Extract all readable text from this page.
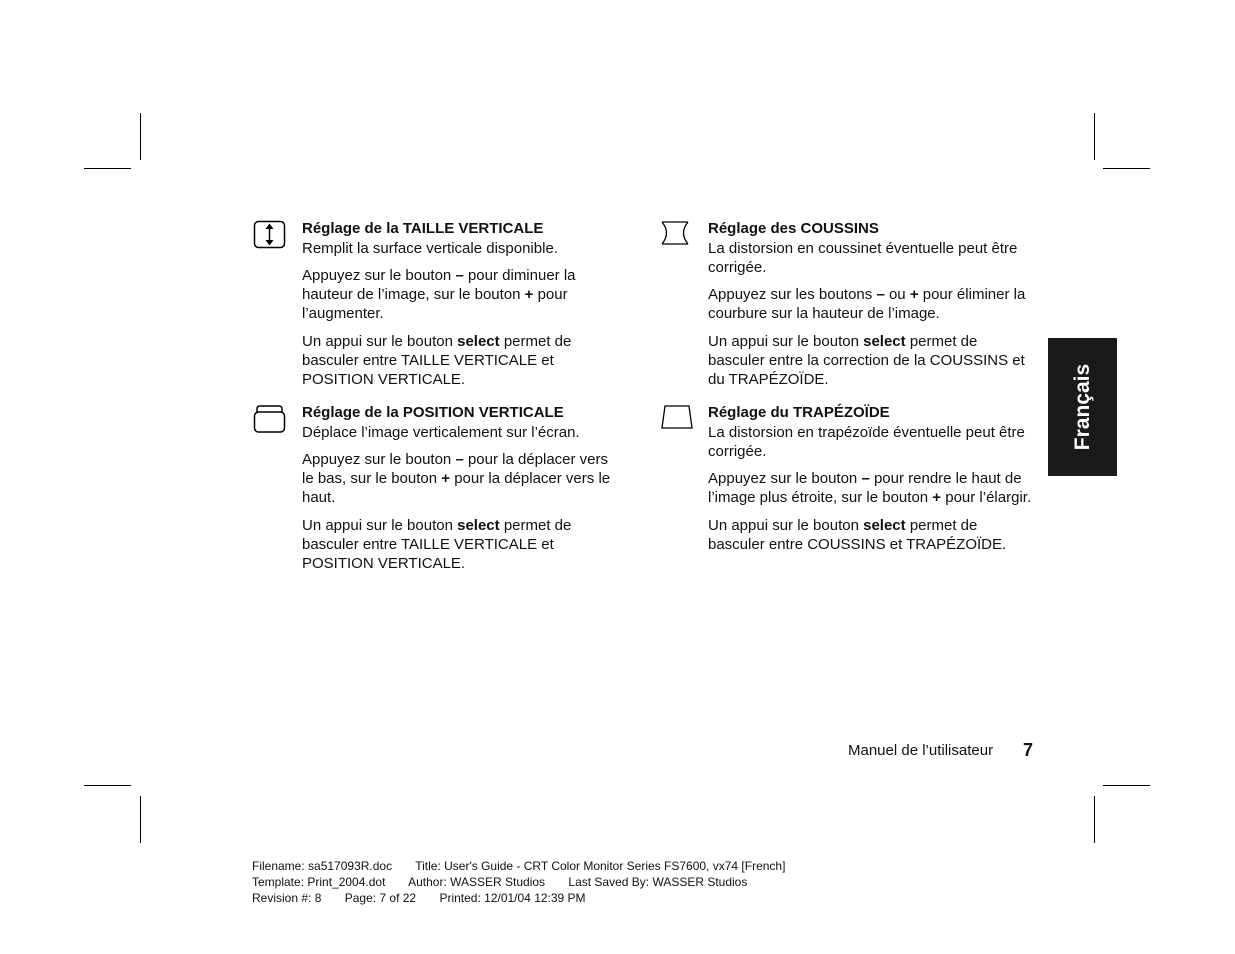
Réglage de la TAILLE VERTICALE

Remplit la surface verticale disponible.

Appuyez sur le bouton – pour diminuer la hauteur de l’image, sur le bouton + pour l’augmenter.

Un appui sur le bouton select permet de basculer entre TAILLE VERTICALE et POSITION VERTICALE.

Réglage de la POSITION VERTICALE

Déplace l’image verticalement sur l’écran.

Appuyez sur le bouton – pour la déplacer vers le bas, sur le bouton + pour la déplacer vers le haut.

Un appui sur le bouton select permet de basculer entre TAILLE VERTICALE et POSITION VERTICALE.

Réglage des COUSSINS

La distorsion en coussinet éventuelle peut être corrigée.

Appuyez sur les boutons – ou + pour éliminer la courbure sur la hauteur de l’image.

Un appui sur le bouton select permet de basculer entre la correction de la COUSSINS et du TRAPÉZOÏDE.

Réglage du TRAPÉZOÏDE

La distorsion en trapézoïde éventuelle peut être corrigée.

Appuyez sur le bouton – pour rendre le haut de l’image plus étroite, sur le bouton + pour l’élargir.

Un appui sur le bouton select permet de basculer entre COUSSINS et TRAPÉZOÏDE.

Français
Manuel de l’utilisateur 7
Filename: sa517093R.doc Title: User's Guide - CRT Color Monitor Series FS7600, vx74 [French]
Template: Print_2004.dot Author: WASSER Studios Last Saved By: WASSER Studios
Revision #: 8 Page: 7 of 22 Printed: 12/01/04 12:39 PM
